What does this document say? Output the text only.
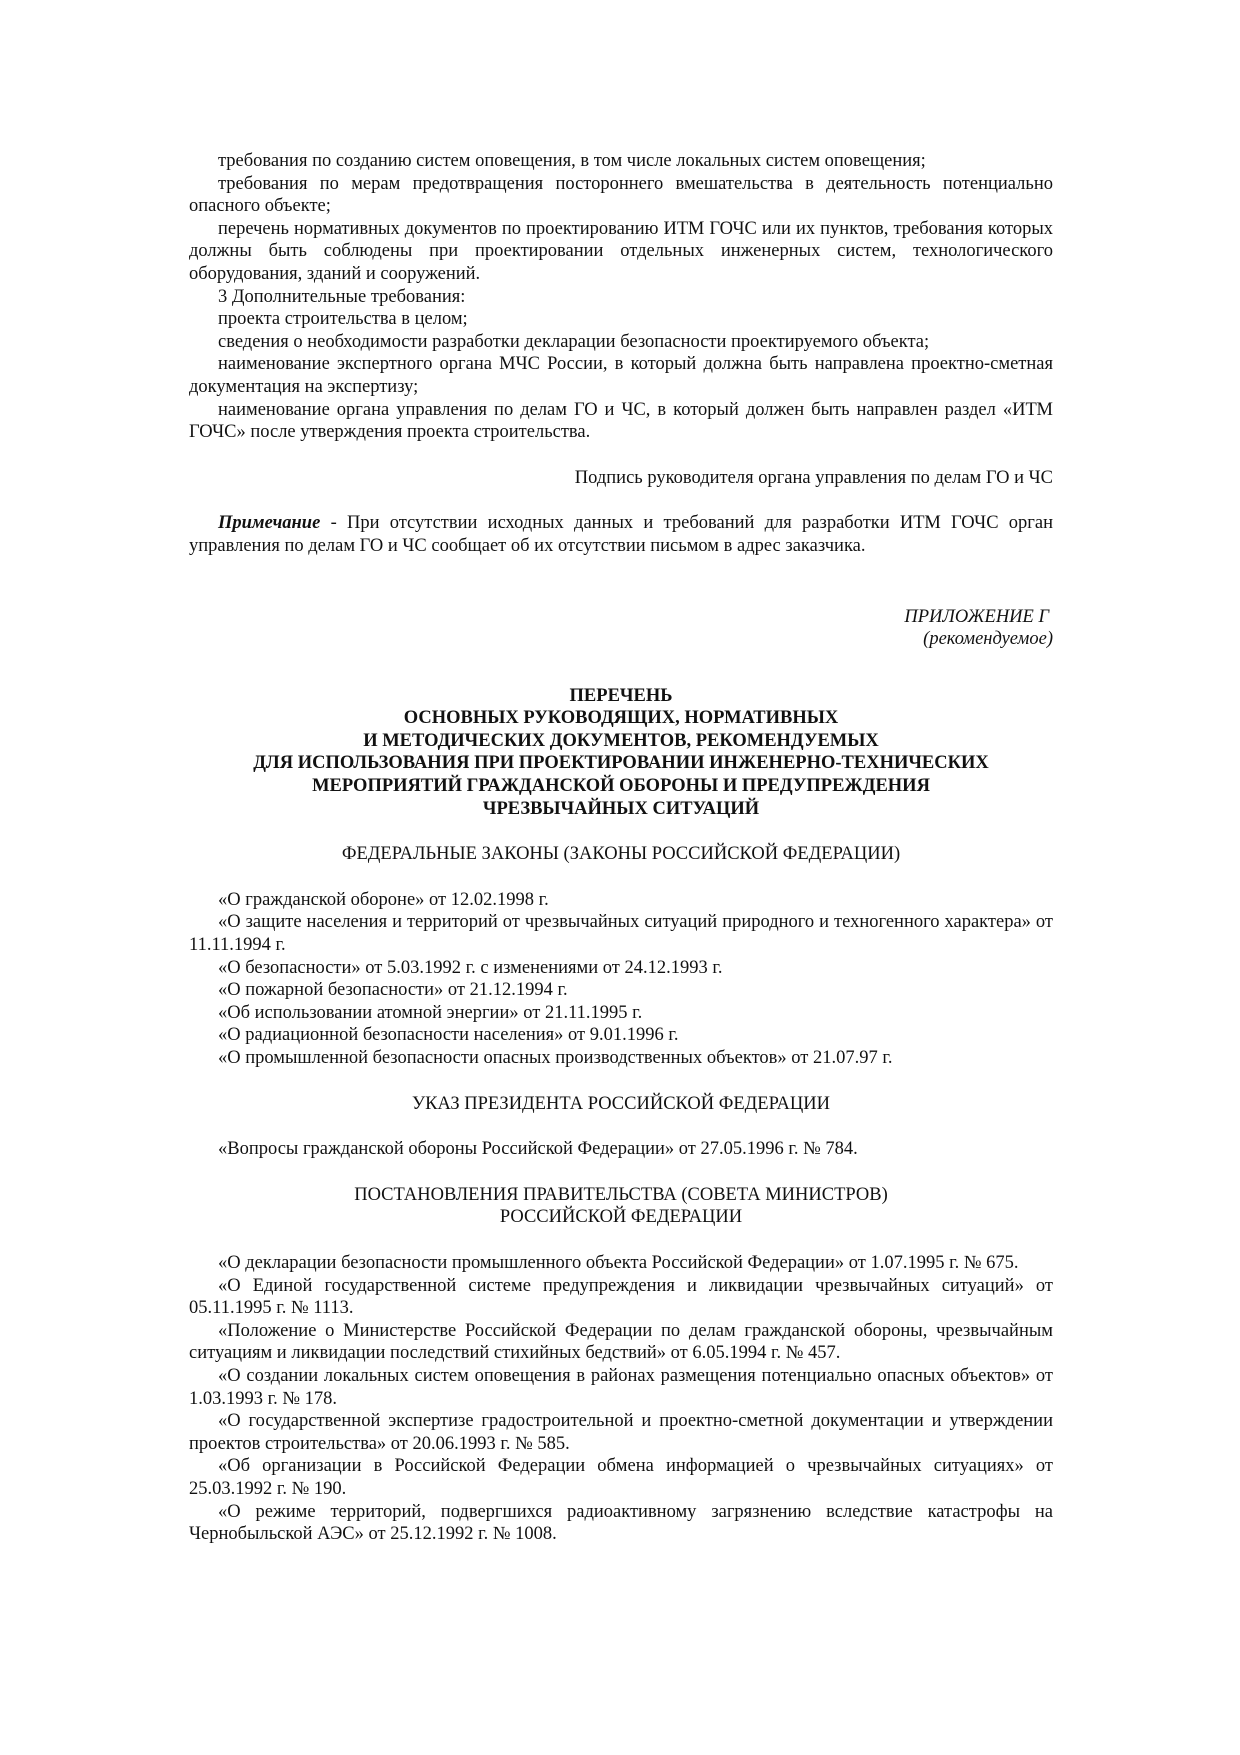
требования по созданию систем оповещения, в том числе локальных систем оповещения;

требования по мерам предотвращения постороннего вмешательства в деятельность потенциально опасного объекте;

перечень нормативных документов по проектированию ИТМ ГОЧС или их пунктов, требования которых должны быть соблюдены при проектировании отдельных инженерных систем, технологического оборудования, зданий и сооружений.

3 Дополнительные требования:

проекта строительства в целом;

сведения о необходимости разработки декларации безопасности проектируемого объекта;

наименование экспертного органа МЧС России, в который должна быть направлена проектно-сметная документация на экспертизу;

наименование органа управления по делам ГО и ЧС, в который должен быть направлен раздел «ИТМ ГОЧС» после утверждения проекта строительства.

Подпись руководителя органа управления по делам ГО и ЧС

Примечание - При отсутствии исходных данных и требований для разработки ИТМ ГОЧС орган управления по делам ГО и ЧС сообщает об их отсутствии письмом в адрес заказчика.

ПРИЛОЖЕНИЕ Г

(рекомендуемое)

ПЕРЕЧЕНЬ

ОСНОВНЫХ РУКОВОДЯЩИХ, НОРМАТИВНЫХ

И МЕТОДИЧЕСКИХ ДОКУМЕНТОВ, РЕКОМЕНДУЕМЫХ

ДЛЯ ИСПОЛЬЗОВАНИЯ ПРИ ПРОЕКТИРОВАНИИ ИНЖЕНЕРНО-ТЕХНИЧЕСКИХ

МЕРОПРИЯТИЙ ГРАЖДАНСКОЙ ОБОРОНЫ И ПРЕДУПРЕЖДЕНИЯ

ЧРЕЗВЫЧАЙНЫХ СИТУАЦИЙ

ФЕДЕРАЛЬНЫЕ ЗАКОНЫ (ЗАКОНЫ РОССИЙСКОЙ ФЕДЕРАЦИИ)

«О гражданской обороне» от 12.02.1998 г.

«О защите населения и территорий от чрезвычайных ситуаций природного и техногенного характера» от 11.11.1994 г.

«О безопасности» от 5.03.1992 г. с изменениями от 24.12.1993 г.

«О пожарной безопасности» от 21.12.1994 г.

«Об использовании атомной энергии» от 21.11.1995 г.

«О радиационной безопасности населения» от 9.01.1996 г.

«О промышленной безопасности опасных производственных объектов» от 21.07.97 г.

УКАЗ ПРЕЗИДЕНТА РОССИЙСКОЙ ФЕДЕРАЦИИ

«Вопросы гражданской обороны Российской Федерации» от 27.05.1996 г. № 784.

ПОСТАНОВЛЕНИЯ ПРАВИТЕЛЬСТВА (СОВЕТА МИНИСТРОВ)

РОССИЙСКОЙ ФЕДЕРАЦИИ

«О декларации безопасности промышленного объекта Российской Федерации» от 1.07.1995 г. № 675.

«О Единой государственной системе предупреждения и ликвидации чрезвычайных ситуаций» от 05.11.1995 г. № 1113.

«Положение о Министерстве Российской Федерации по делам гражданской обороны, чрезвычайным ситуациям и ликвидации последствий стихийных бедствий» от 6.05.1994 г. № 457.

«О создании локальных систем оповещения в районах размещения потенциально опасных объектов» от 1.03.1993 г. № 178.

«О государственной экспертизе градостроительной и проектно-сметной документации и утверждении проектов строительства» от 20.06.1993 г. № 585.

«Об организации в Российской Федерации обмена информацией о чрезвычайных ситуациях» от 25.03.1992 г. № 190.

«О режиме территорий, подвергшихся радиоактивному загрязнению вследствие катастрофы на Чернобыльской АЭС» от 25.12.1992 г. № 1008.
